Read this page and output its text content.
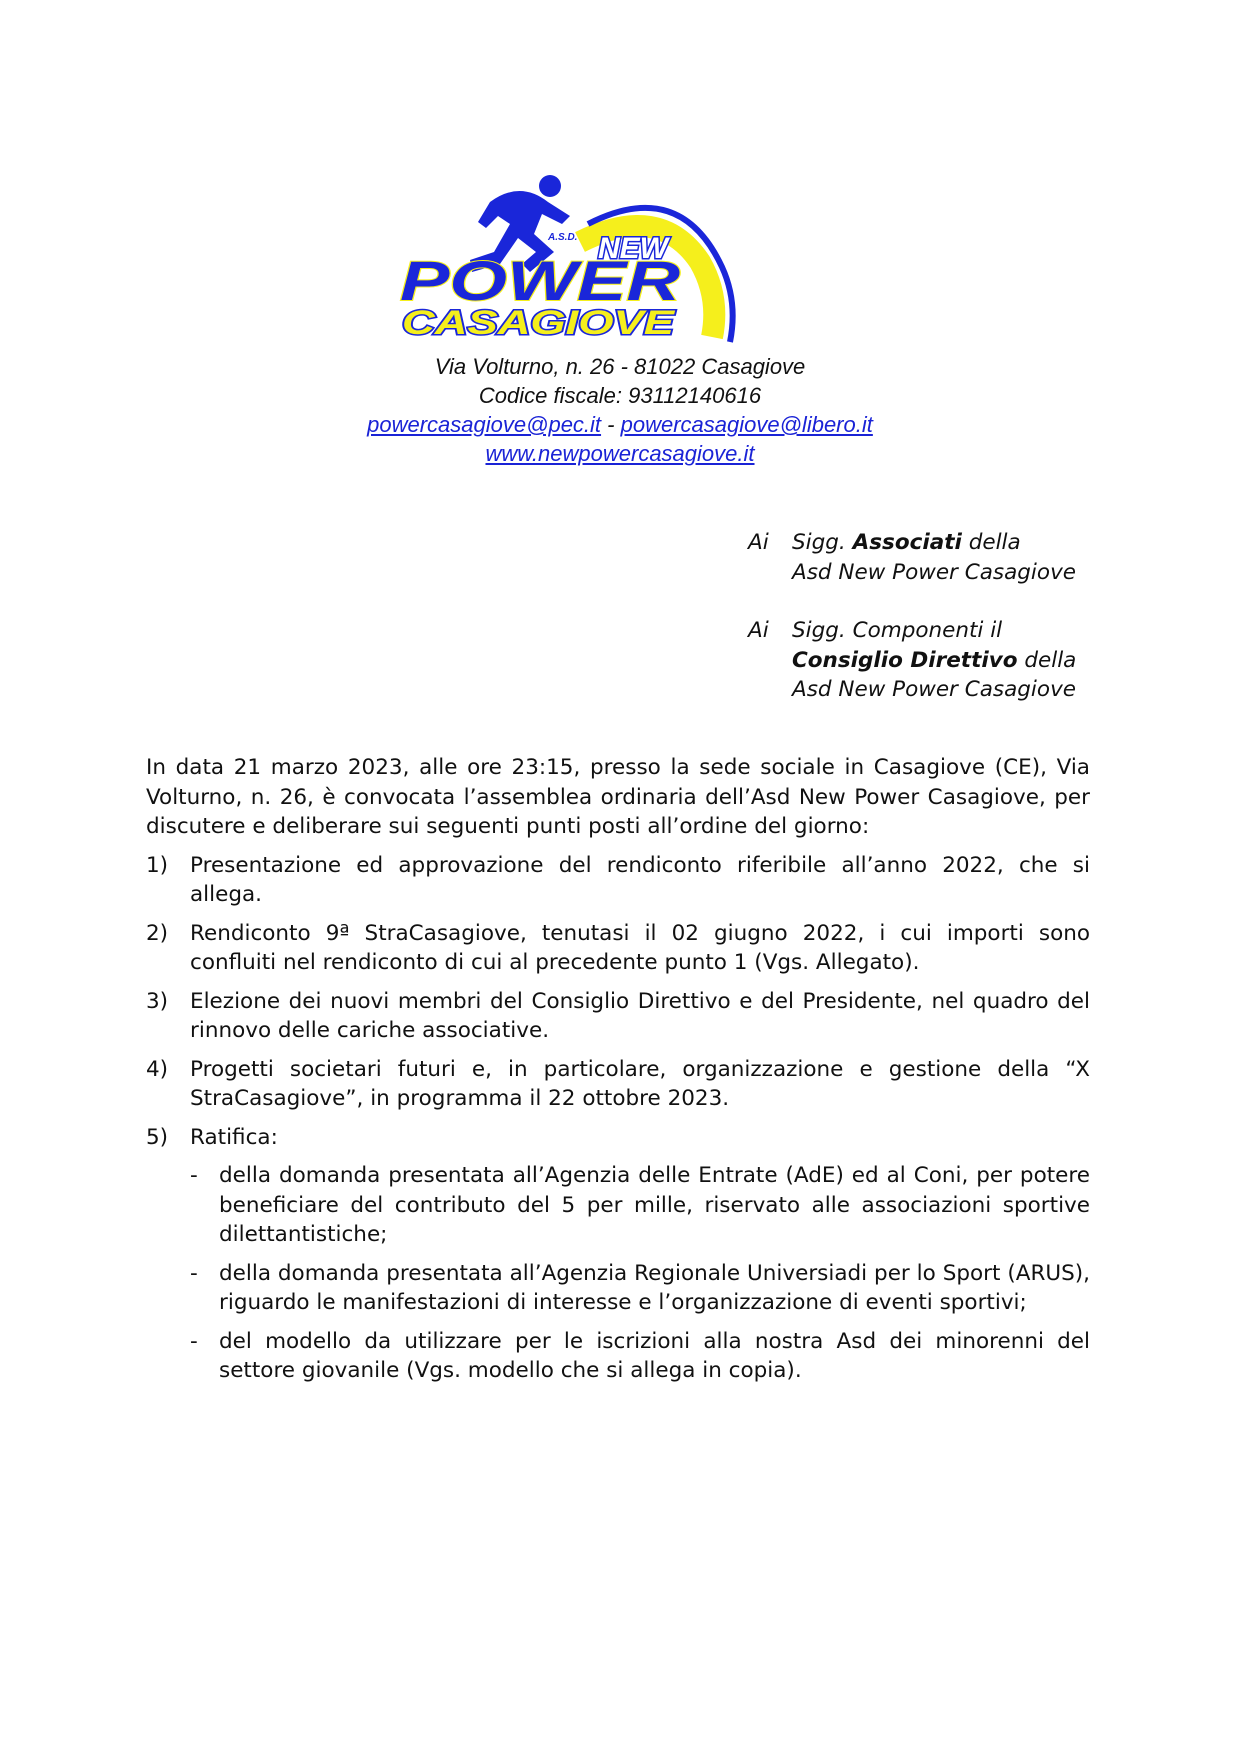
A.S.D. NEW
POWER
CASAGIOVE
Via Volturno, n. 26 - 81022 Casagiove
Codice fiscale: 93112140616
powercasagiove@pec.it - powercasagiove@libero.it
www.newpowercasagiove.it
Ai	Sigg. Associati della
Asd New Power Casagiove
Ai	Sigg. Componenti il
Consiglio Direttivo della
Asd New Power Casagiove

In data 21 marzo 2023, alle ore 23:15, presso la sede sociale in Casagiove (CE), Via Volturno, n. 26, è convocata l’assemblea ordinaria dell’Asd New Power Casagiove, per discutere e deliberare sui seguenti punti posti all’ordine del giorno:

1)	Presentazione ed approvazione del rendiconto riferibile all’anno 2022, che si allega.
2)	Rendiconto 9ª StraCasagiove, tenutasi il 02 giugno 2022, i cui importi sono confluiti nel rendiconto di cui al precedente punto 1 (Vgs. Allegato).
3)	Elezione dei nuovi membri del Consiglio Direttivo e del Presidente, nel quadro del rinnovo delle cariche associative.
4)	Progetti societari futuri e, in particolare, organizzazione e gestione della “X StraCasagiove”, in programma il 22 ottobre 2023.
5)	Ratifica:
- della domanda presentata all’Agenzia delle Entrate (AdE) ed al Coni, per potere beneficiare del contributo del 5 per mille, riservato alle associazioni sportive dilettantistiche;
- della domanda presentata all’Agenzia Regionale Universiadi per lo Sport (ARUS), riguardo le manifestazioni di interesse e l’organizzazione di eventi sportivi;
- del modello da utilizzare per le iscrizioni alla nostra Asd dei minorenni del settore giovanile (Vgs. modello che si allega in copia).
